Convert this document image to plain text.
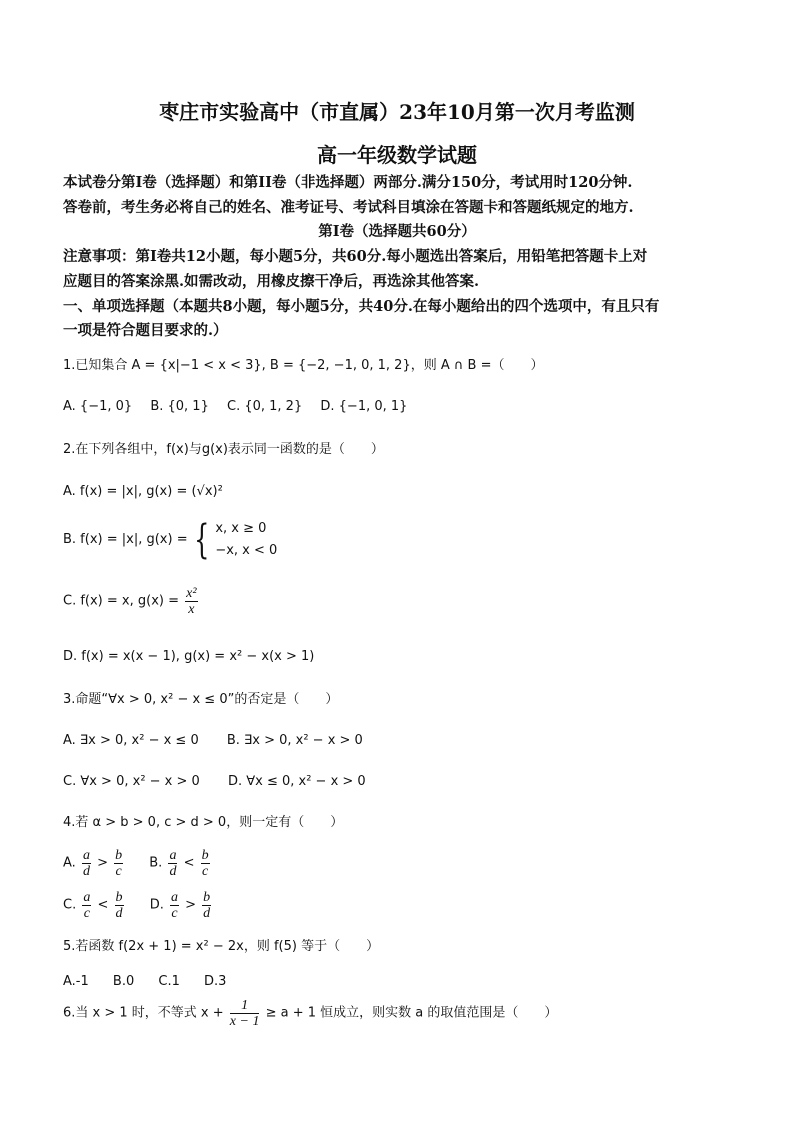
枣庄市实验高中（市直属）23年10月第一次月考监测
高一年级数学试题
本试卷分第Ⅰ卷（选择题）和第ⅠⅠ卷（非选择题）两部分.满分150分，考试用时120分钟.
答卷前，考生务必将自己的姓名、准考证号、考试科目填涂在答题卡和答题纸规定的地方.
第Ⅰ卷（选择题共60分）
注意事项：第Ⅰ卷共12小题，每小题5分，共60分.每小题选出答案后，用铅笔把答题卡上对
应题目的答案涂黑.如需改动，用橡皮擦干净后，再选涂其他答案.
一、单项选择题（本题共8小题，每小题5分，共40分.在每小题给出的四个选项中，有且只有
一项是符合题目要求的.）
1.已知集合 A = {x|−1 < x < 3}, B = {−2, −1, 0, 1, 2}，则 A ∩ B =（　　）
A. {−1, 0} B. {0, 1} C. {0, 1, 2} D. {−1, 0, 1}
2.在下列各组中，f(x)与g(x)表示同一函数的是（　　）
A. f(x) = |x|, g(x) = (√x)²
B. f(x) = |x|, g(x) = { x, x ≥ 0
−x, x < 0
C. f(x) = x, $g(x) = \frac{\text{x²}}{x}$
D. f(x) = x(x − 1), g(x) = x² − x(x > 1)
3.命题“∀x > 0, x² − x ≤ 0”的否定是（　　）
A. ∃x > 0, x² − x ≤ 0 B. ∃x > 0, x² − x > 0
C. ∀x > 0, x² − x > 0 D. ∀x ≤ 0, x² − x > 0
4.若 α > b > 0, c > d > 0，则一定有（　　）
A. $\frac{a}{d} > \frac{b}{c} B$. $\frac{a}{d} < \frac{b}{c}$
C. $\frac{a}{c} < \frac{b}{d} D$. $\frac{a}{c} > \frac{b}{d}$
5.若函数 f(2x + 1) = x² − 2x，则 f(5) 等于（　　）
A.-1 B.0 C.1 D.3
6.当 x > 1 时，不等式 $x + \frac{1}{x - 1} \ge a + 1$ 恒成立，则实数 a 的取值范围是（　　）
